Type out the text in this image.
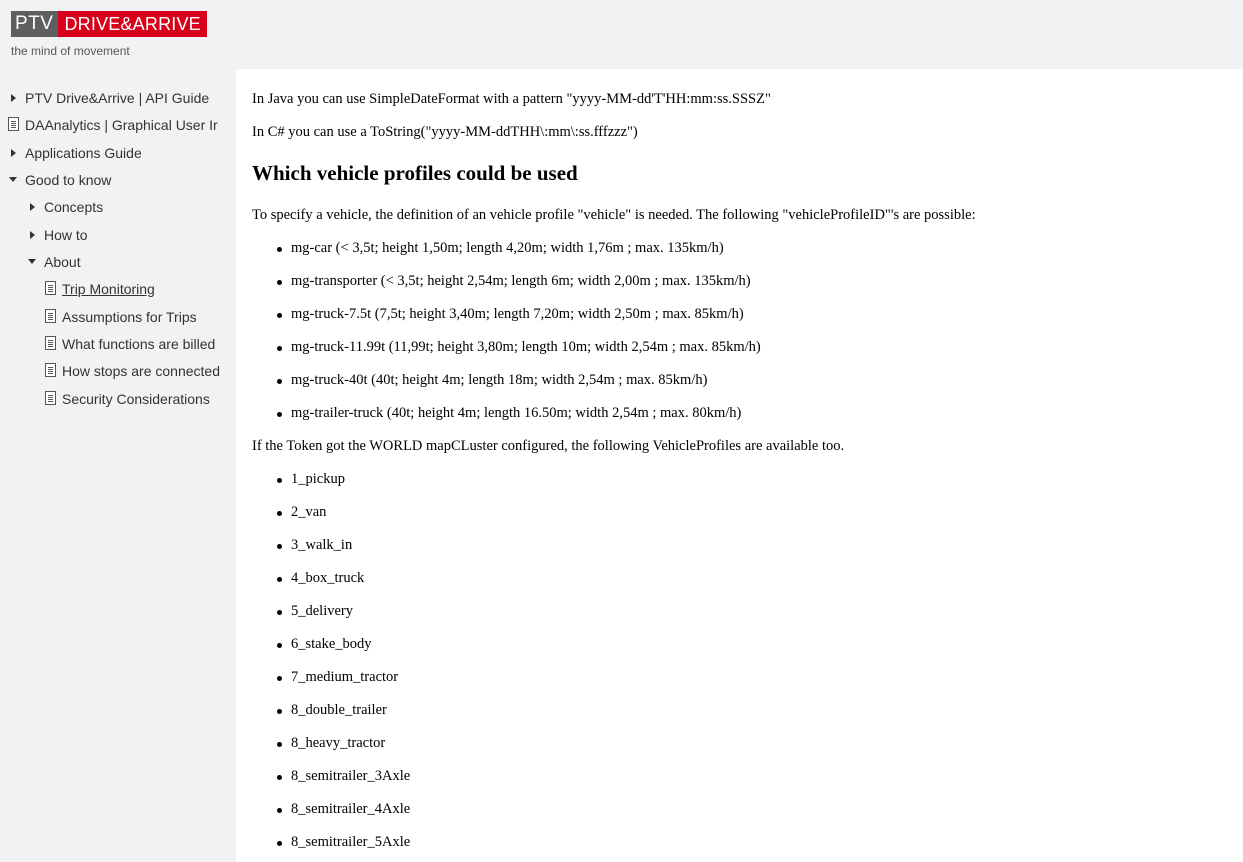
PTV DRIVE&ARRIVE
the mind of movement
PTV Drive&Arrive | API Guide
DAAnalytics | Graphical User Ir
Applications Guide
Good to know
Concepts
How to
About
Trip Monitoring
Assumptions for Trips
What functions are billed
How stops are connected
Security Considerations

In Java you can use SimpleDateFormat with a pattern "yyyy-MM-dd'T'HH:mm:ss.SSSZ"

In C# you can use a ToString("yyyy-MM-ddTHH\:mm\:ss.fffzzz")

Which vehicle profiles could be used

To specify a vehicle, the definition of an vehicle profile "vehicle" is needed. The following "vehicleProfileID"'s are possible:

mg-car (< 3,5t; height 1,50m; length 4,20m; width 1,76m ; max. 135km/h)
mg-transporter (< 3,5t; height 2,54m; length 6m; width 2,00m ; max. 135km/h)
mg-truck-7.5t (7,5t; height 3,40m; length 7,20m; width 2,50m ; max. 85km/h)
mg-truck-11.99t (11,99t; height 3,80m; length 10m; width 2,54m ; max. 85km/h)
mg-truck-40t (40t; height 4m; length 18m; width 2,54m ; max. 85km/h)
mg-trailer-truck (40t; height 4m; length 16.50m; width 2,54m ; max. 80km/h)

If the Token got the WORLD mapCLuster configured, the following VehicleProfiles are available too.

1_pickup
2_van
3_walk_in
4_box_truck
5_delivery
6_stake_body
7_medium_tractor
8_double_trailer
8_heavy_tractor
8_semitrailer_3Axle
8_semitrailer_4Axle
8_semitrailer_5Axle
